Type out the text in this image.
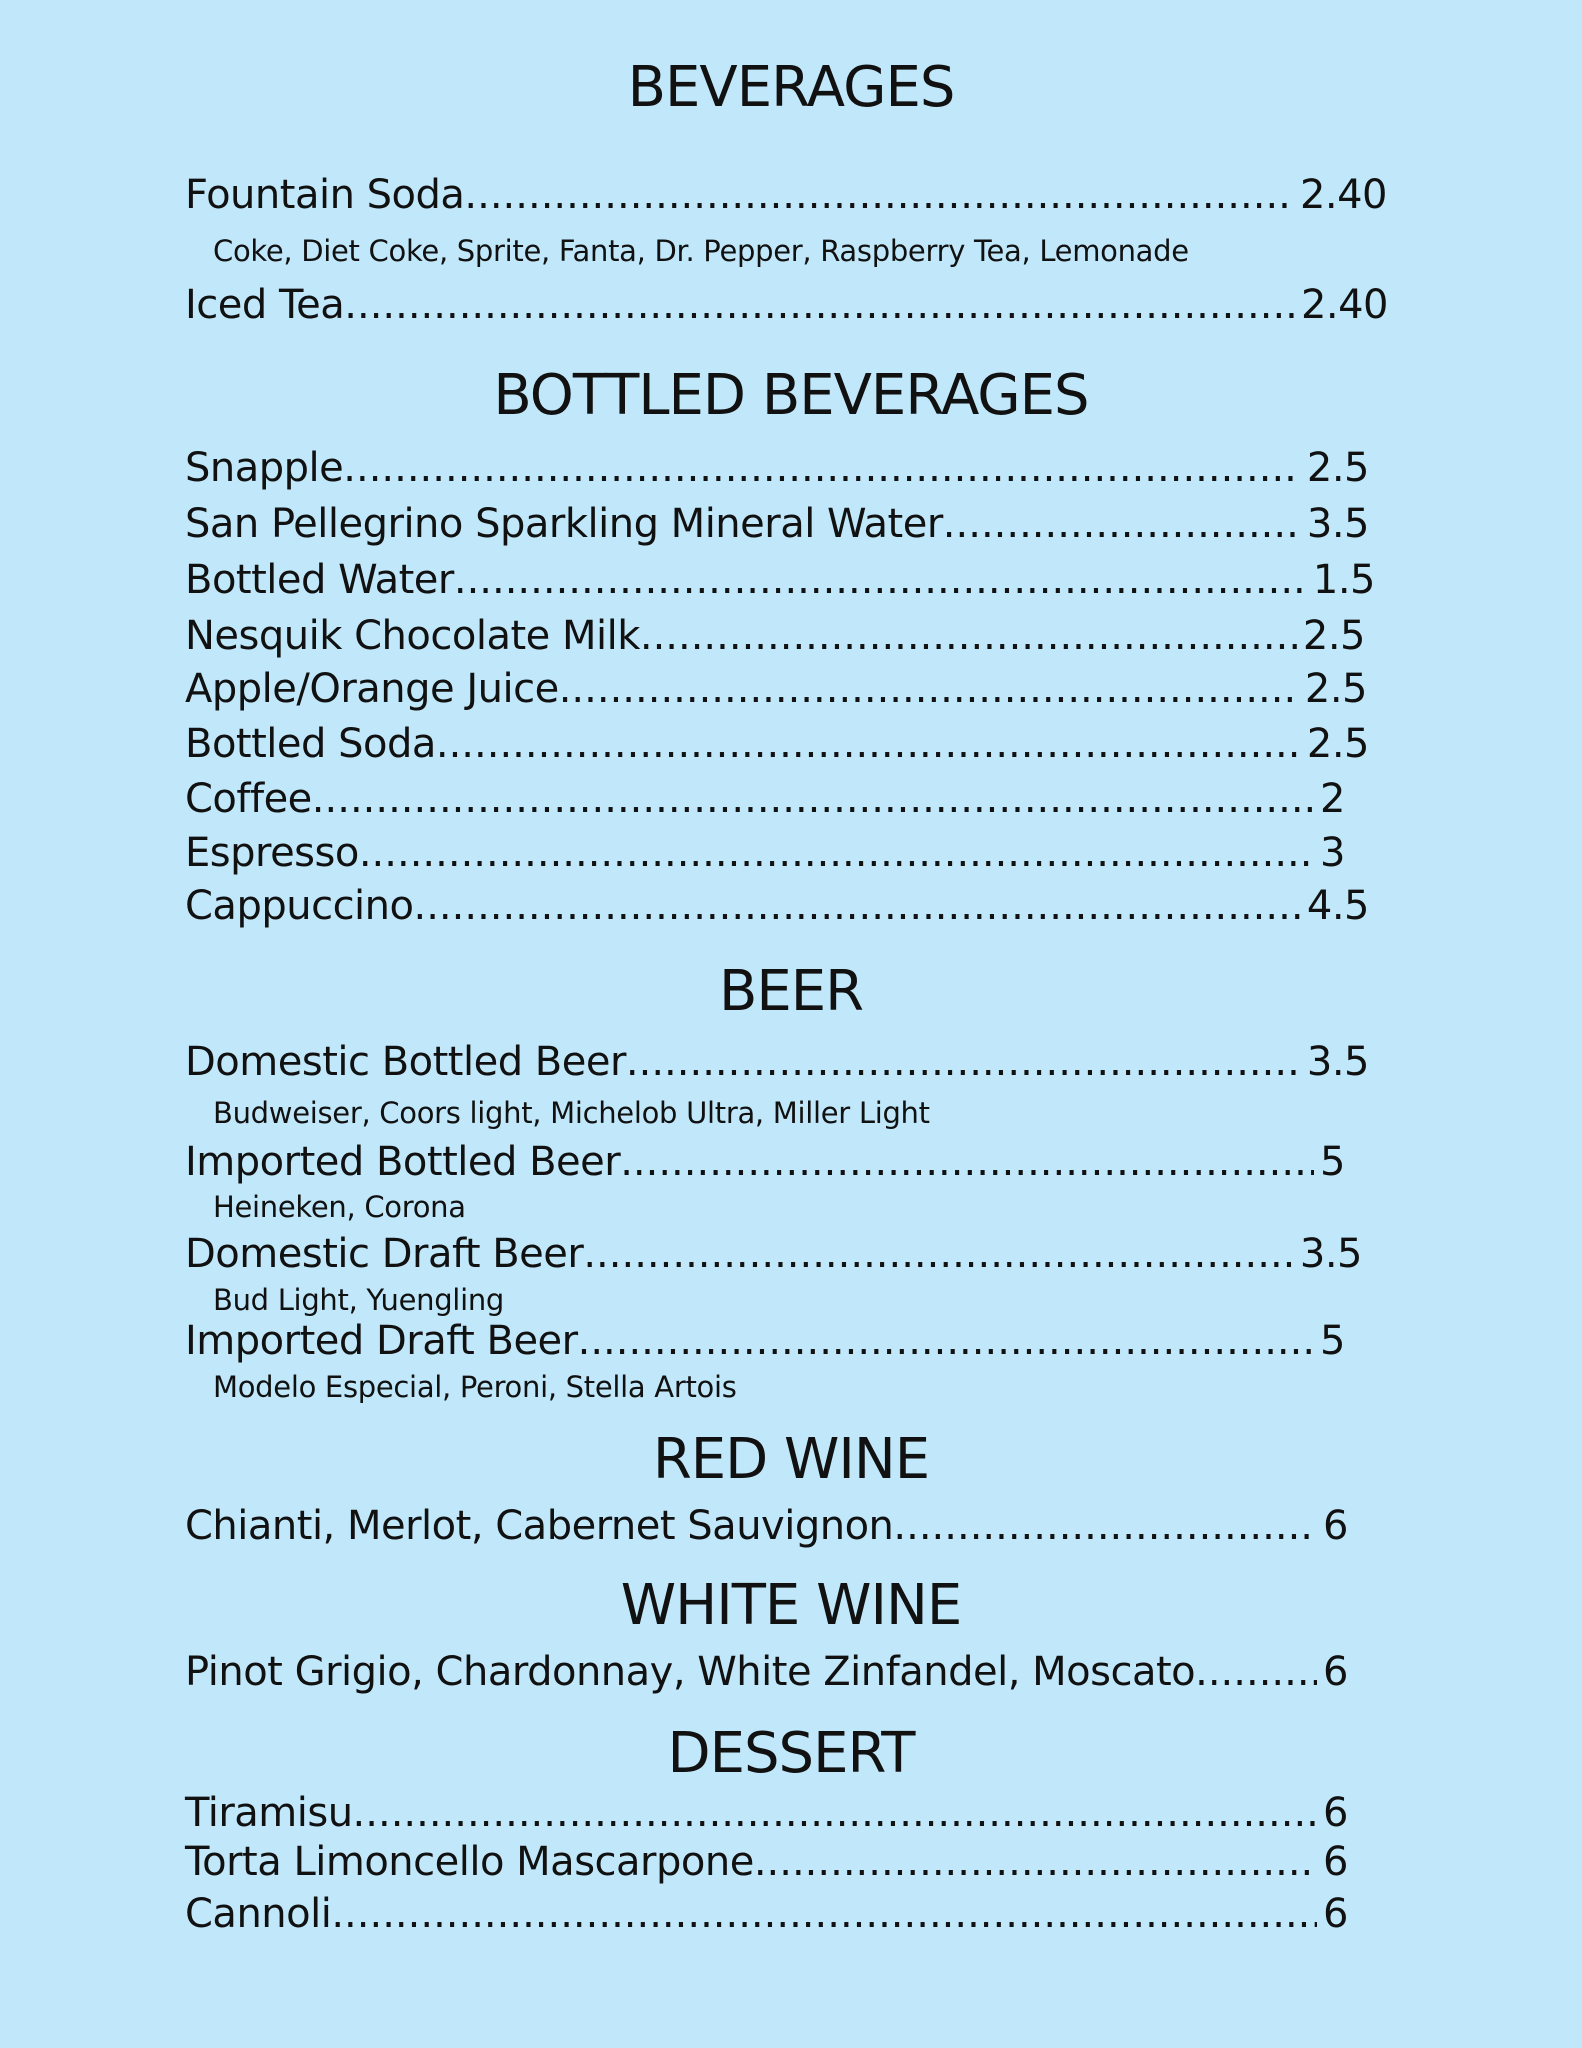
BEVERAGES
Fountain Soda .....	2.40
Coke, Diet Coke, Sprite, Fanta, Dr. Pepper, Raspberry Tea, Lemonade
Iced Tea .....	2.40
BOTTLED BEVERAGES
Snapple .....	2.5
San Pellegrino Sparkling Mineral Water .....	3.5
Bottled Water .....	1.5
Nesquik Chocolate Milk .....	2.5
Apple/Orange Juice .....	2.5
Bottled Soda .....	2.5
Coffee .....	2
Espresso .....	3
Cappuccino .....	4.5
BEER
Domestic Bottled Beer .....	3.5
Budweiser, Coors light, Michelob Ultra, Miller Light
Imported Bottled Beer .....	5
Heineken, Corona
Domestic Draft Beer .....	3.5
Bud Light, Yuengling
Imported Draft Beer .....	5
Modelo Especial, Peroni, Stella Artois
RED WINE
Chianti, Merlot, Cabernet Sauvignon .....	6
WHITE WINE
Pinot Grigio, Chardonnay, White Zinfandel, Moscato .....	6
DESSERT
Tiramisu .....	6
Torta Limoncello Mascarpone .....	6
Cannoli .....	6
